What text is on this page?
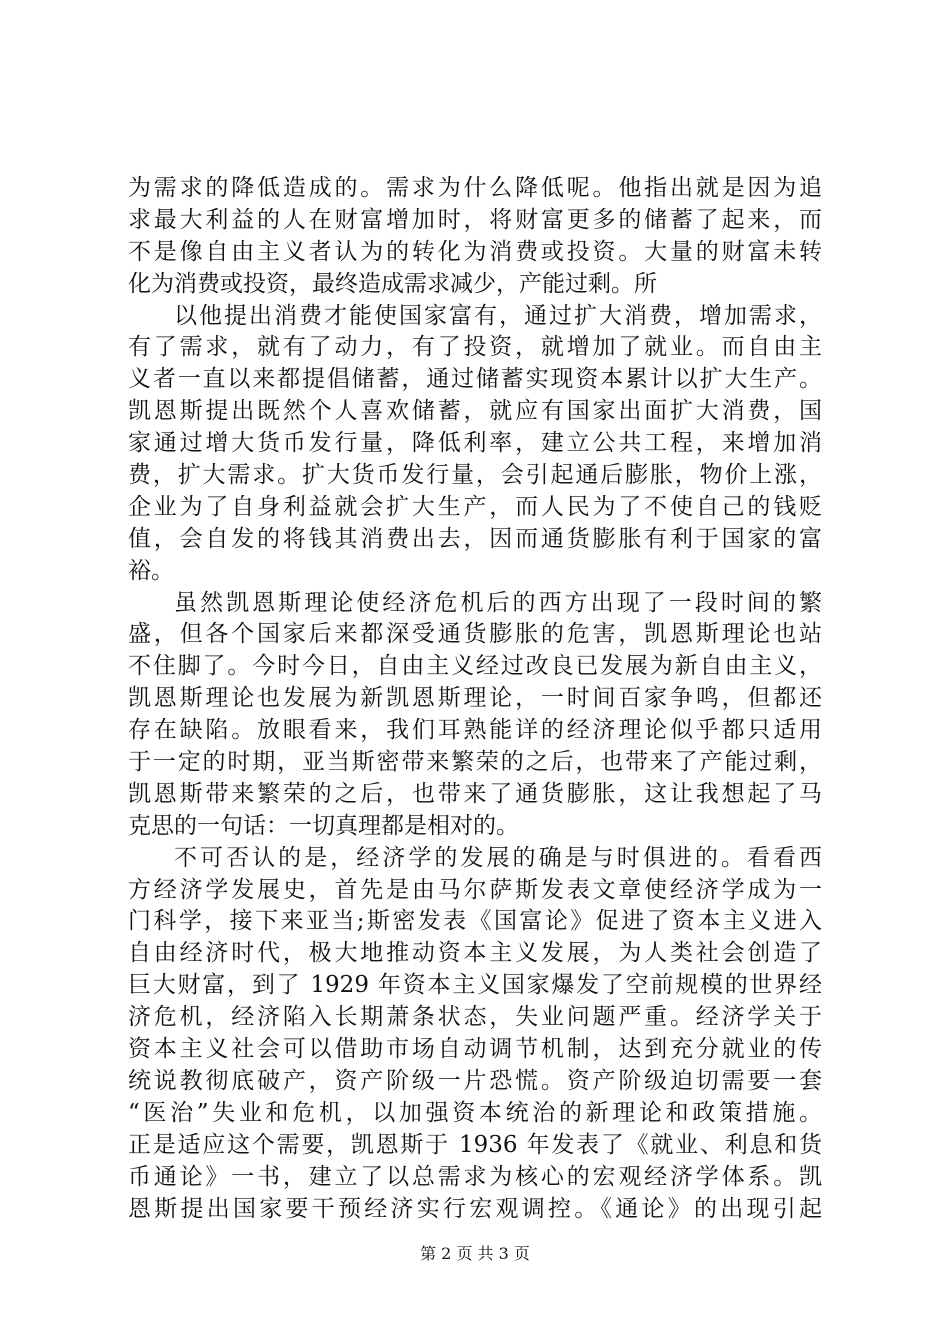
为需求的降低造成的。需求为什么降低呢。他指出就是因为追
求最大利益的人在财富增加时，将财富更多的储蓄了起来，而
不是像自由主义者认为的转化为消费或投资。大量的财富未转
化为消费或投资，最终造成需求减少，产能过剩。所
以他提出消费才能使国家富有，通过扩大消费，增加需求，
有了需求，就有了动力，有了投资，就增加了就业。而自由主
义者一直以来都提倡储蓄，通过储蓄实现资本累计以扩大生产。
凯恩斯提出既然个人喜欢储蓄，就应有国家出面扩大消费，国
家通过增大货币发行量，降低利率，建立公共工程，来增加消
费，扩大需求。扩大货币发行量，会引起通后膨胀，物价上涨，
企业为了自身利益就会扩大生产，而人民为了不使自己的钱贬
值，会自发的将钱其消费出去，因而通货膨胀有利于国家的富
裕。
虽然凯恩斯理论使经济危机后的西方出现了一段时间的繁
盛，但各个国家后来都深受通货膨胀的危害，凯恩斯理论也站
不住脚了。今时今日，自由主义经过改良已发展为新自由主义，
凯恩斯理论也发展为新凯恩斯理论，一时间百家争鸣，但都还
存在缺陷。放眼看来，我们耳熟能详的经济理论似乎都只适用
于一定的时期，亚当斯密带来繁荣的之后，也带来了产能过剩，
凯恩斯带来繁荣的之后，也带来了通货膨胀，这让我想起了马
克思的一句话：一切真理都是相对的。
不可否认的是，经济学的发展的确是与时俱进的。看看西
方经济学发展史，首先是由马尔萨斯发表文章使经济学成为一
门科学，接下来亚当;斯密发表《国富论》促进了资本主义进入
自由经济时代，极大地推动资本主义发展，为人类社会创造了
巨大财富，到了 1929 年资本主义国家爆发了空前规模的世界经
济危机，经济陷入长期萧条状态，失业问题严重。经济学关于
资本主义社会可以借助市场自动调节机制，达到充分就业的传
统说教彻底破产，资产阶级一片恐慌。资产阶级迫切需要一套
“医治”失业和危机，以加强资本统治的新理论和政策措施。
正是适应这个需要，凯恩斯于 1936 年发表了《就业、利息和货
币通论》一书，建立了以总需求为核心的宏观经济学体系。凯
恩斯提出国家要干预经济实行宏观调控。《通论》的出现引起
第 2 页 共 3 页
